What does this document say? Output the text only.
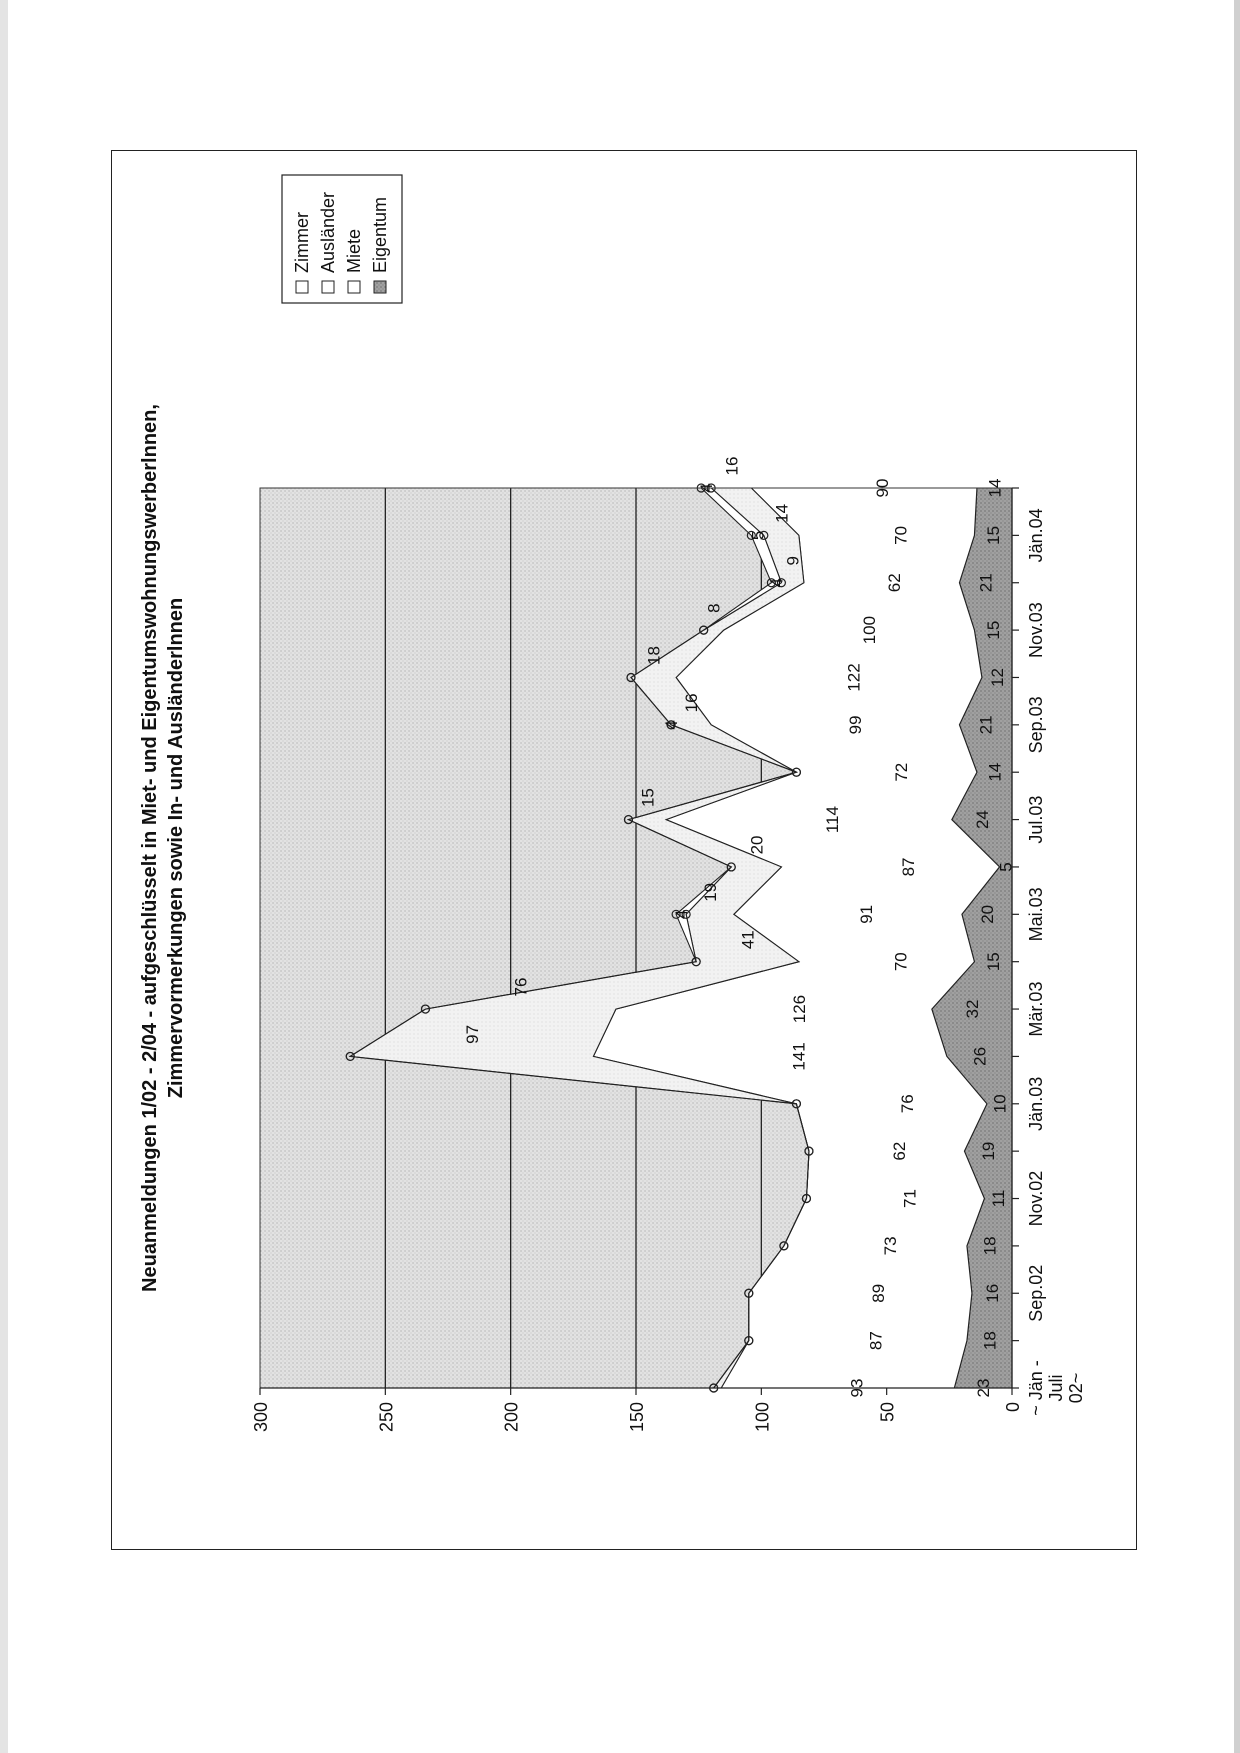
Neuanmeldungen 1/02 - 2/04 - aufgeschlüsselt in Miet- und Eigentumswohnungswerberlnnen, Zimmervormerkungen sowie In- und Ausländerlnnen
23
18
16
18
11
19
10
26
32
15
20
5
24
14
21
12
15
21
15
14
93
87
89
73
71
62
76
141
126
70
91
87
114
72
99
122
100
62
70
90
97
76
41
19
20
15
16
18
8
9
14
16
4
4
4
5
4
0
50
100
150
200
250
300
~ Jän -Juli02~
Sep.02
Nov.02
Jän.03
Mär.03
Mai.03
Jul.03
Sep.03
Nov.03
Jän.04
Zimmer Ausländer Miete Eigentum
